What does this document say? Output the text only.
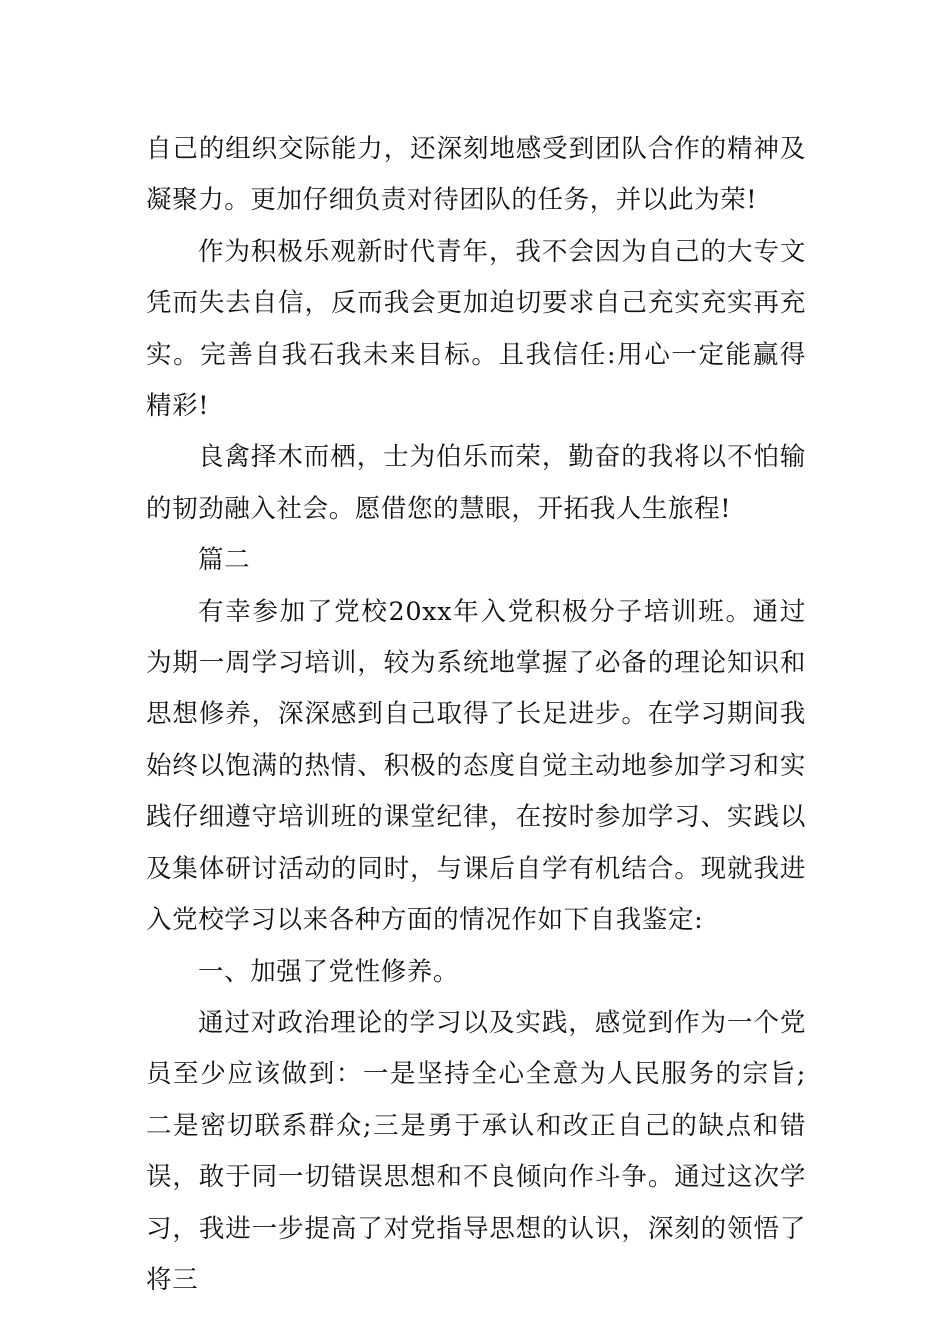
自己的组织交际能力，还深刻地感受到团队合作的精神及凝聚力。更加仔细负责对待团队的任务，并以此为荣!

作为积极乐观新时代青年，我不会因为自己的大专文凭而失去自信，反而我会更加迫切要求自己充实充实再充实。完善自我石我未来目标。且我信任:用心一定能赢得精彩!

良禽择木而栖，士为伯乐而荣，勤奋的我将以不怕输的韧劲融入社会。愿借您的慧眼，开拓我人生旅程!

篇二

有幸参加了党校20xx年入党积极分子培训班。通过为期一周学习培训，较为系统地掌握了必备的理论知识和思想修养，深深感到自己取得了长足进步。在学习期间我始终以饱满的热情、积极的态度自觉主动地参加学习和实践仔细遵守培训班的课堂纪律，在按时参加学习、实践以及集体研讨活动的同时，与课后自学有机结合。现就我进入党校学习以来各种方面的情况作如下自我鉴定:

一、加强了党性修养。

通过对政治理论的学习以及实践，感觉到作为一个党员至少应该做到：一是坚持全心全意为人民服务的宗旨;二是密切联系群众;三是勇于承认和改正自己的缺点和错误，敢于同一切错误思想和不良倾向作斗争。通过这次学习，我进一步提高了对党指导思想的认识，深刻的领悟了将三
